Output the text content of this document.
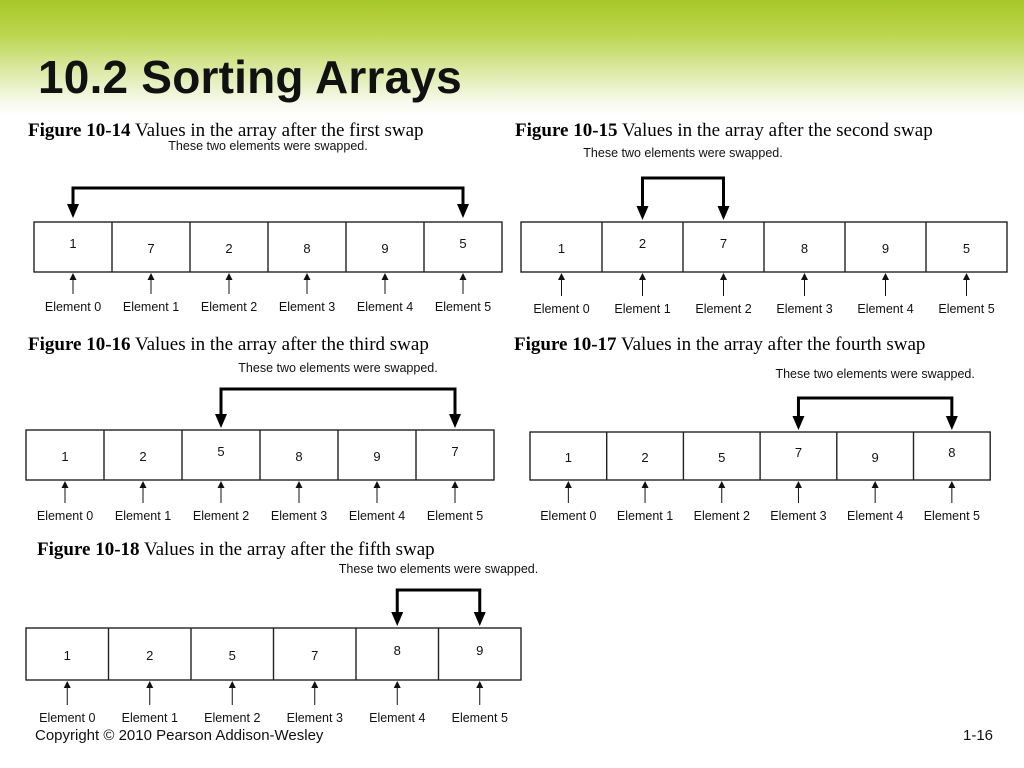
10.2 Sorting Arrays
Figure 10-14 Values in the array after the first swap
These two elements were swapped.
1
Element 0
7
Element 1
2
Element 2
8
Element 3
9
Element 4
5
Element 5
Figure 10-15 Values in the array after the second swap
These two elements were swapped.
1
Element 0
2
Element 1
7
Element 2
8
Element 3
9
Element 4
5
Element 5
Figure 10-16 Values in the array after the third swap
These two elements were swapped.
1
Element 0
2
Element 1
5
Element 2
8
Element 3
9
Element 4
7
Element 5
Figure 10-17 Values in the array after the fourth swap
These two elements were swapped.
1
Element 0
2
Element 1
5
Element 2
7
Element 3
9
Element 4
8
Element 5
Figure 10-18 Values in the array after the fifth swap
These two elements were swapped.
1
Element 0
2
Element 1
5
Element 2
7
Element 3
8
Element 4
9
Element 5
Copyright © 2010 Pearson Addison-Wesley	1-16
